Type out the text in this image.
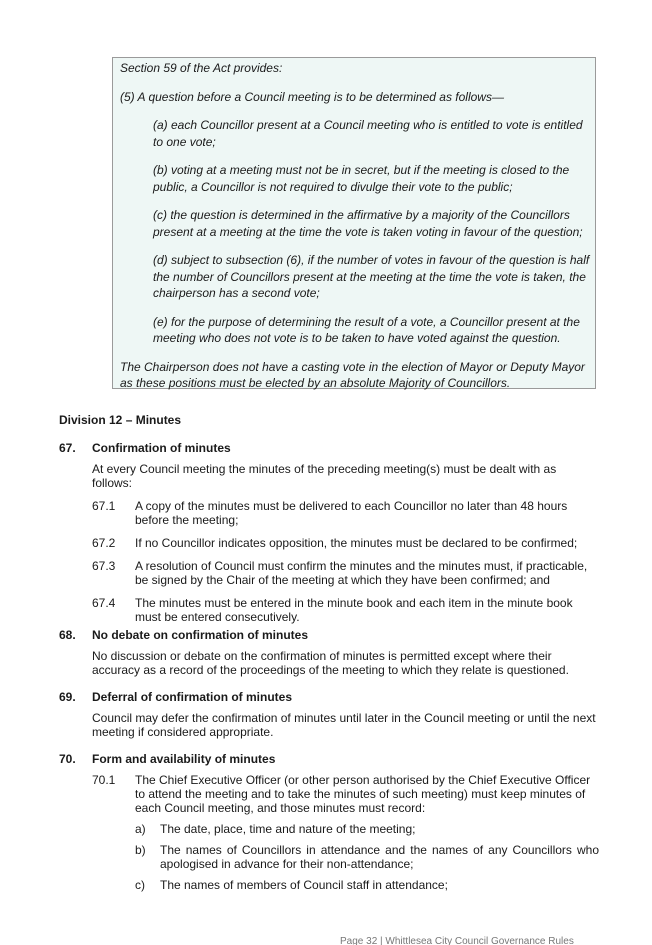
Section 59 of the Act provides:

(5) A question before a Council meeting is to be determined as follows—

(a) each Councillor present at a Council meeting who is entitled to vote is entitled to one vote;

(b) voting at a meeting must not be in secret, but if the meeting is closed to the public, a Councillor is not required to divulge their vote to the public;

(c) the question is determined in the affirmative by a majority of the Councillors present at a meeting at the time the vote is taken voting in favour of the question;

(d) subject to subsection (6), if the number of votes in favour of the question is half the number of Councillors present at the meeting at the time the vote is taken, the chairperson has a second vote;

(e) for the purpose of determining the result of a vote, a Councillor present at the meeting who does not vote is to be taken to have voted against the question.

The Chairperson does not have a casting vote in the election of Mayor or Deputy Mayor as these positions must be elected by an absolute Majority of Councillors.

Division 12 – Minutes

67.	Confirmation of minutes

At every Council meeting the minutes of the preceding meeting(s) must be dealt with as follows:

67.1	A copy of the minutes must be delivered to each Councillor no later than 48 hours before the meeting;
67.2	If no Councillor indicates opposition, the minutes must be declared to be confirmed;
67.3	A resolution of Council must confirm the minutes and the minutes must, if practicable, be signed by the Chair of the meeting at which they have been confirmed; and
67.4	The minutes must be entered in the minute book and each item in the minute book must be entered consecutively.

68.	No debate on confirmation of minutes

No discussion or debate on the confirmation of minutes is permitted except where their accuracy as a record of the proceedings of the meeting to which they relate is questioned.

69.	Deferral of confirmation of minutes

Council may defer the confirmation of minutes until later in the Council meeting or until the next meeting if considered appropriate.

70.	Form and availability of minutes

70.1	The Chief Executive Officer (or other person authorised by the Chief Executive Officer to attend the meeting and to take the minutes of such meeting) must keep minutes of each Council meeting, and those minutes must record:
a)	The date, place, time and nature of the meeting;
b)	The names of Councillors in attendance and the names of any Councillors who apologised in advance for their non-attendance;
c)	The names of members of Council staff in attendance;
Page 32 | Whittlesea City Council Governance Rules
